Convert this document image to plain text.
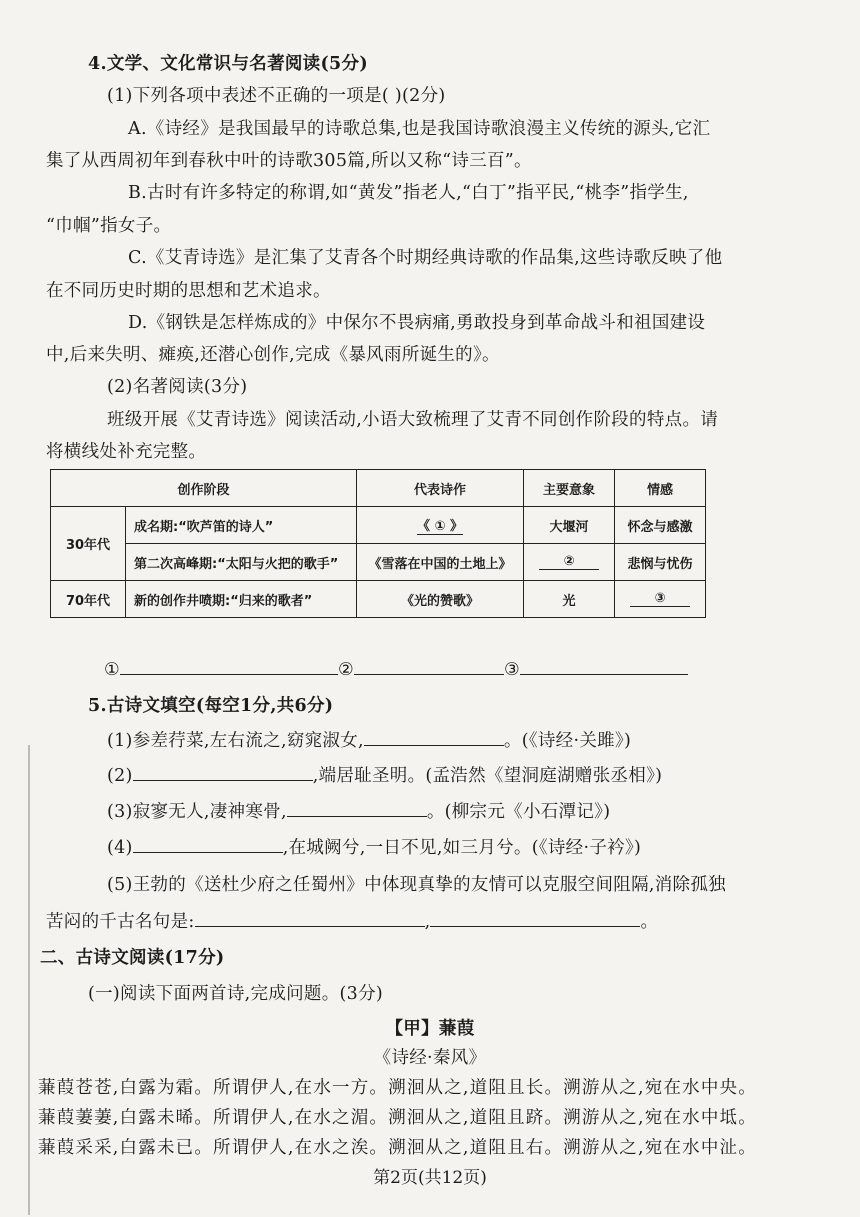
4.文学、文化常识与名著阅读(5分)
(1)下列各项中表述不正确的一项是( )(2分)
A.《诗经》是我国最早的诗歌总集,也是我国诗歌浪漫主义传统的源头,它汇
集了从西周初年到春秋中叶的诗歌305篇,所以又称“诗三百”。
B.古时有许多特定的称谓,如“黄发”指老人,“白丁”指平民,“桃李”指学生,
“巾帼”指女子。
C.《艾青诗选》是汇集了艾青各个时期经典诗歌的作品集,这些诗歌反映了他
在不同历史时期的思想和艺术追求。
D.《钢铁是怎样炼成的》中保尔不畏病痛,勇敢投身到革命战斗和祖国建设
中,后来失明、瘫痪,还潜心创作,完成《暴风雨所诞生的》。
(2)名著阅读(3分)
班级开展《艾青诗选》阅读活动,小语大致梳理了艾青不同创作阶段的特点。请
将横线处补充完整。
创作阶段		代表诗作	主要意象	情感
30年代	成名期:“吹芦笛的诗人”	《 ① 》	大堰河	怀念与感激
	第二次高峰期:“太阳与火把的歌手”	《雪落在中国的土地上》	②	悲悯与忧伤
70年代	新的创作井喷期:“归来的歌者”	《光的赞歌》	光	③
①	②	③
5.古诗文填空(每空1分,共6分)
(1)参差荇菜,左右流之,窈窕淑女,	。(《诗经·关雎》)
(2)	,端居耻圣明。(孟浩然《望洞庭湖赠张丞相》)
(3)寂寥无人,凄神寒骨,	。(柳宗元《小石潭记》)
(4)	,在城阙兮,一日不见,如三月兮。(《诗经·子衿》)
(5)王勃的《送杜少府之任蜀州》中体现真挚的友情可以克服空间阻隔,消除孤独
苦闷的千古名句是:	,	。
二、古诗文阅读(17分)
(一)阅读下面两首诗,完成问题。(3分)
【甲】蒹葭
《诗经·秦风》
蒹葭苍苍,白露为霜。所谓伊人,在水一方。溯洄从之,道阻且长。溯游从之,宛在水中央。
蒹葭萋萋,白露未晞。所谓伊人,在水之湄。溯洄从之,道阻且跻。溯游从之,宛在水中坻。
蒹葭采采,白露未已。所谓伊人,在水之涘。溯洄从之,道阻且右。溯游从之,宛在水中沚。
第2页(共12页)
